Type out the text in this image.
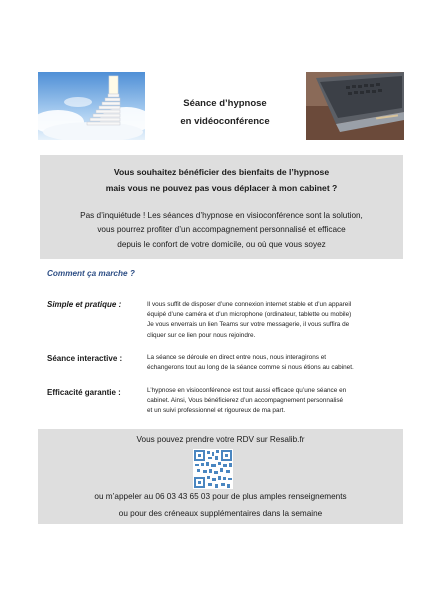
Séance d’hypnose
en vidéoconférence
Vous souhaitez bénéficier des bienfaits de l’hypnose
mais vous ne pouvez pas vous déplacer à mon cabinet ?
Pas d’inquiétude ! Les séances d’hypnose en visioconférence sont la solution,
vous pourrez profiter d’un accompagnement personnalisé et efficace
depuis le confort de votre domicile, ou où que vous soyez
Comment ça marche ?
Simple et pratique :	Il vous suffit de disposer d’une connexion internet stable et d’un appareil
équipé d’une caméra et d’un microphone (ordinateur, tablette ou mobile)
Je vous enverrais un lien Teams sur votre messagerie, il vous suffira de
cliquer sur ce lien pour nous rejoindre.
Séance interactive :	La séance se déroule en direct entre nous, nous interagirons et
échangerons tout au long de la séance comme si nous étions au cabinet.
Efficacité garantie :	L’hypnose en visioconférence est tout aussi efficace qu’une séance en
cabinet. Ainsi, Vous bénéficierez d’un accompagnement personnalisé
et un suivi professionnel et rigoureux de ma part.
Vous pouvez prendre votre RDV sur Resalib.fr
ou m’appeler au 06 03 43 65 03 pour de plus amples renseignements
ou pour des créneaux supplémentaires dans la semaine
